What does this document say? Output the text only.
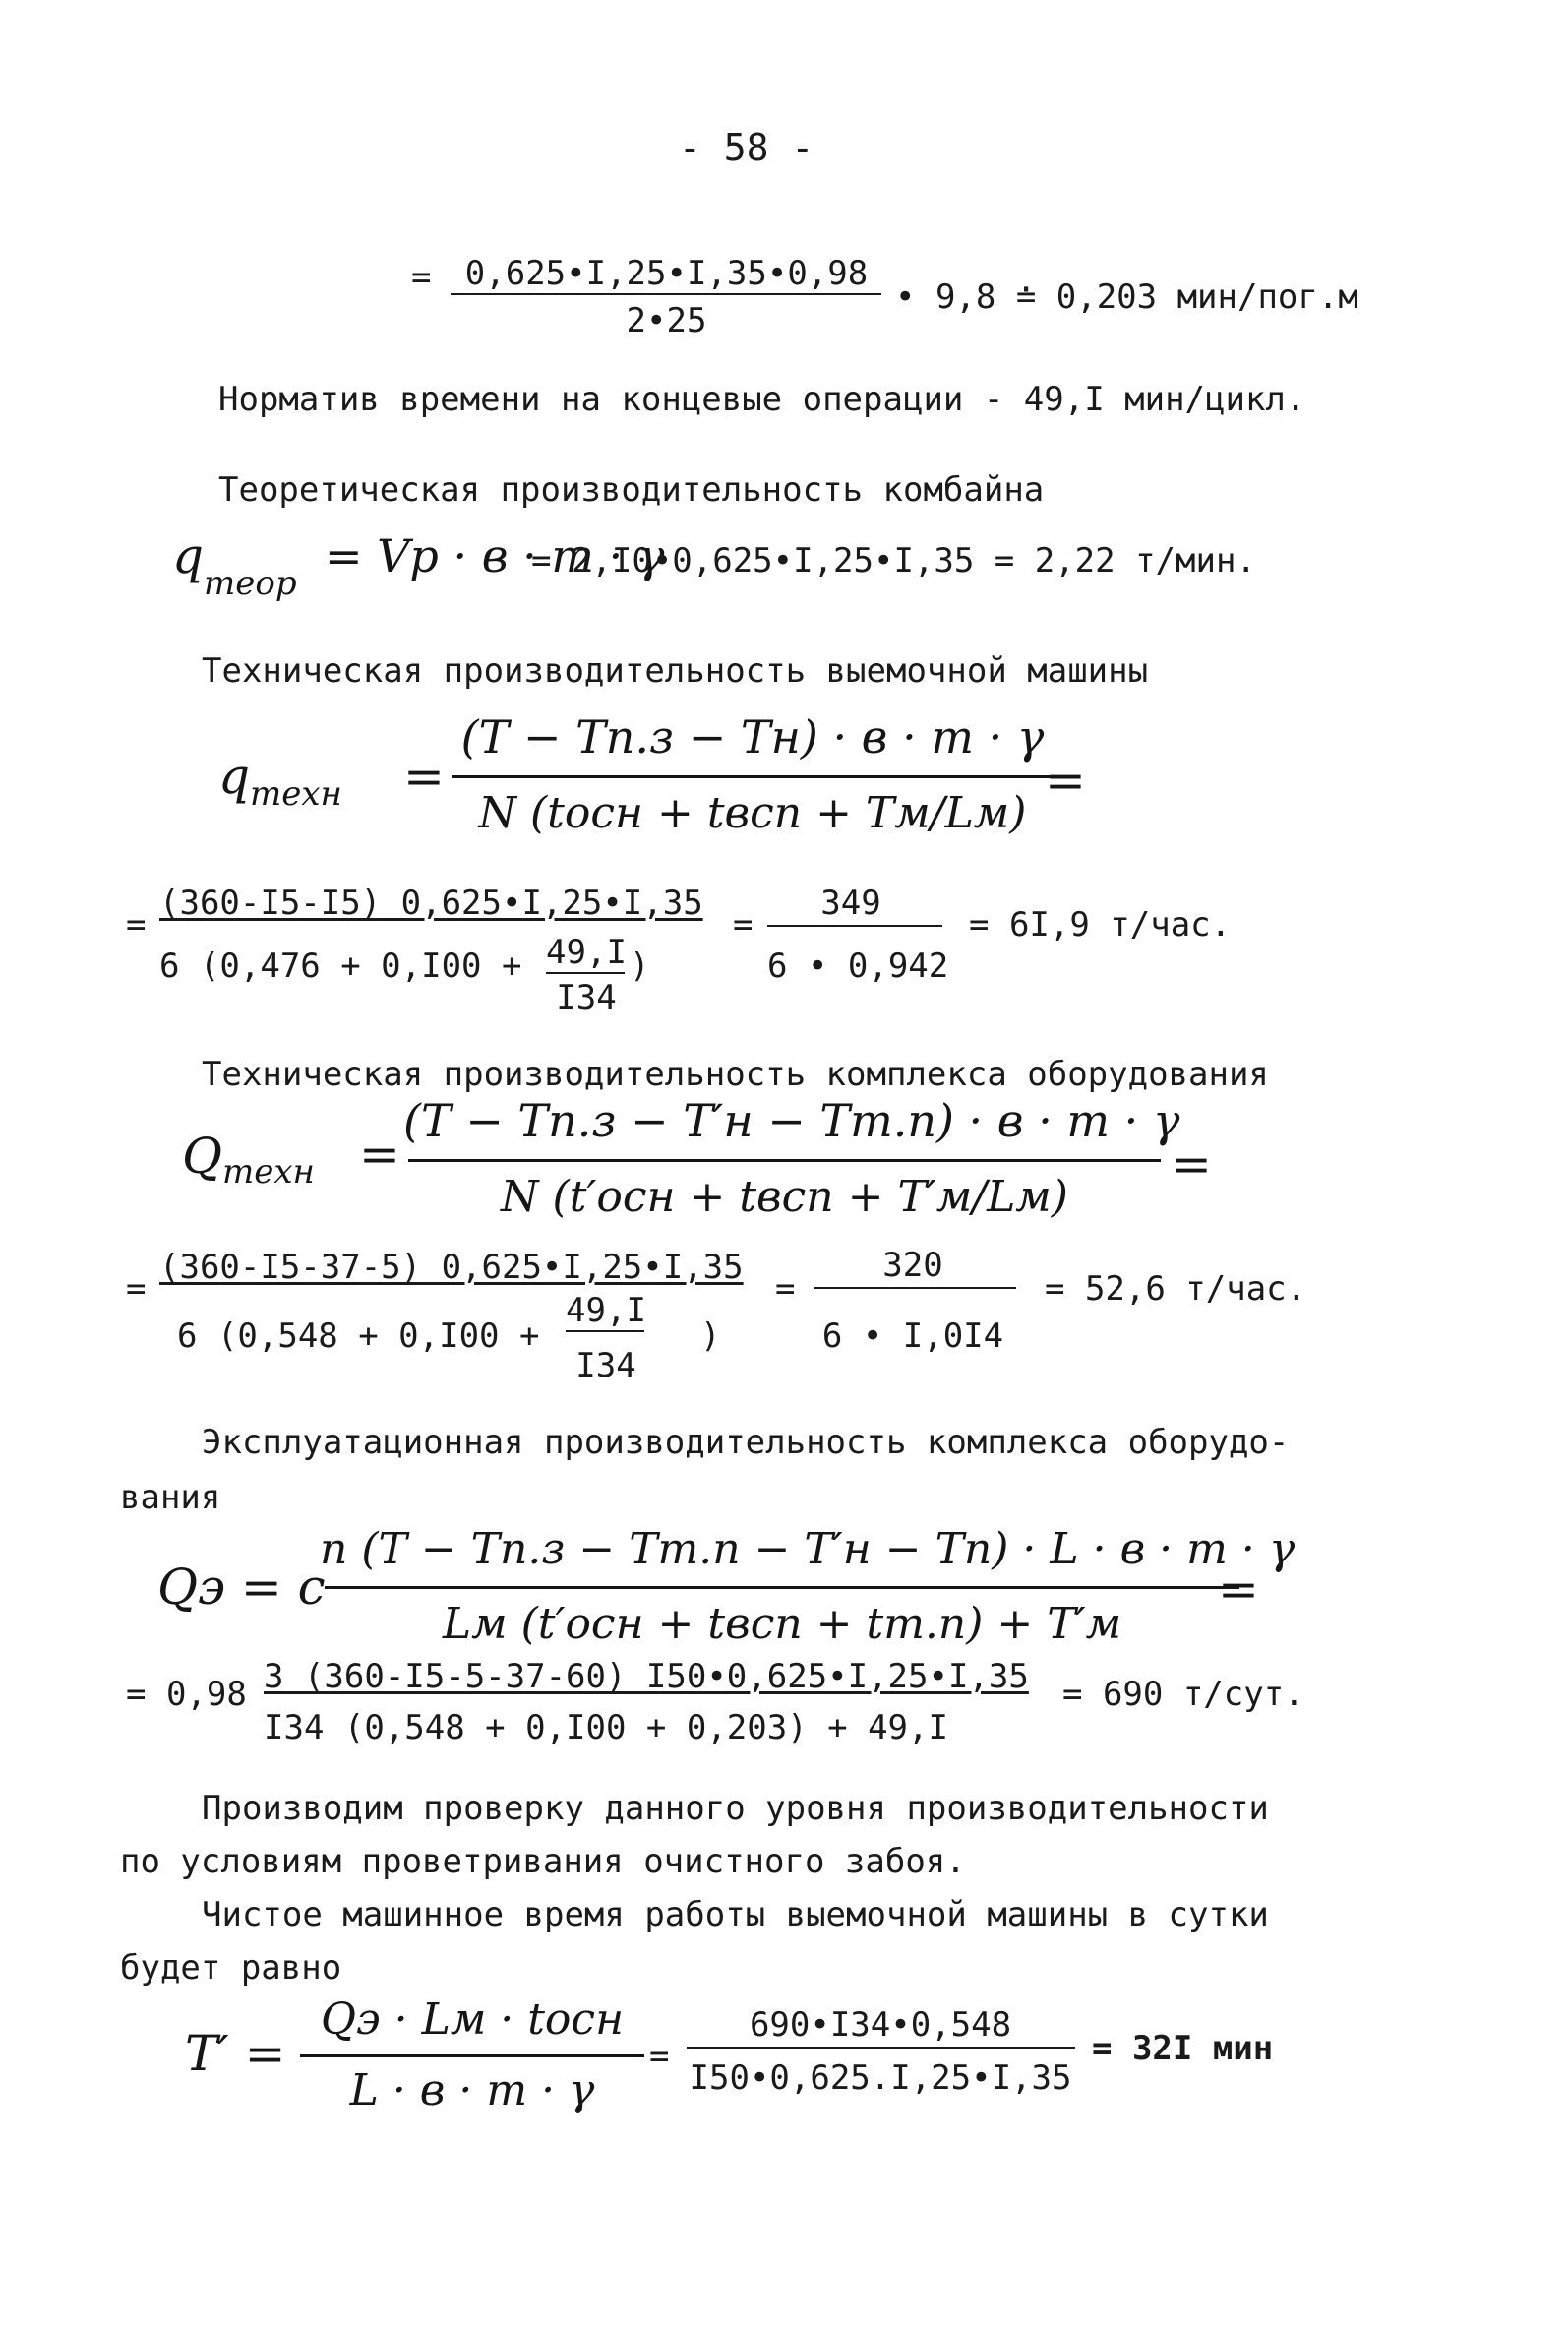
- 58 -
=	0,625•I,25•I,35•0,98
2•25
• 9,8 ≐ 0,203 мин/пог.м
Норматив времени на концевые операции - 49,I мин/цикл.
Теоретическая производительность комбайна
$q_{теор}$
= Vр · в · m · γ
= 2,I0•0,625•I,25•I,35 = 2,22 т/мин.
Техническая производительность выемочной машины
$q_{техн}$ =
(T − Tп.з − Tн) · в · m · γ
N (tосн + tвсп + Tм/Lм)
=
=
(360-I5-I5) 0,625•I,25•I,35
6 (0,476 + 0,I00 + 49,I
I34
)
=
349
6 • 0,942
= 6I,9 т/час.
Техническая производительность комплекса оборудования
$Q_{техн}$ =
(T − Tп.з − T′н − Tm.п) · в · m · γ
N (t′осн + tвсп + T′м/Lм)
=
=
(360-I5-37-5) 0,625•I,25•I,35
6 (0,548 + 0,I00 +
49,I
I34
)
=
320
6 • I,0I4
= 52,6 т/час.
Эксплуатационная производительность комплекса оборудо-
вания
Qэ = c
n (T − Tп.з − Tm.п − T′н − Tп) · L · в · m · γ
Lм (t′осн + tвсп + tm.п) + T′м
=
= 0,98 3 (360-I5-5-37-60) I50•0,625•I,25•I,35
I34 (0,548 + 0,I00 + 0,203) + 49,I
= 690 т/сут.
Производим проверку данного уровня производительности
по условиям проветривания очистного забоя.
Чистое машинное время работы выемочной машины в сутки
будет равно
T′ =
Qэ · Lм · tосн
L · в · m · γ
=
690•I34•0,548
I50•0,625.I,25•I,35
= 32I мин
